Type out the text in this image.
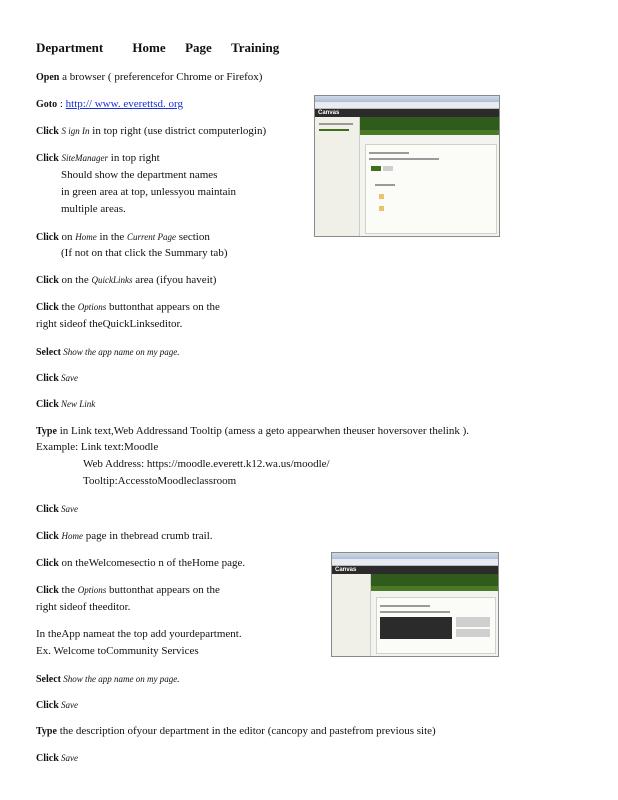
Department         Home      Page      Training
Open a browser ( preferencefor Chrome or Firefox)
Goto : http:// www. everettsd. org
Click S ign In in top right (use district computerlogin)
Click SiteManager in top right
Should show the department names
in green area at top, unlessyou maintain
multiple areas.
Click on Home in the Current Page section
(If not on that click the Summary tab)
Click on the QuickLinks area (ifyou haveit)
Click the Options buttonthat appears on the
right sideof theQuickLinkseditor.
Select Show the app name on my page.
Click Save
Click New Link
Type in Link text,Web Addressand Tooltip (amess a geto appearwhen theuser hoversover thelink ).
Example: Link text:Moodle
Web Address: https://moodle.everett.k12.wa.us/moodle/
Tooltip:AccesstoMoodleclassroom
Click Save
Click Home page in thebread crumb trail.
Click on theWelcomesectio n of theHome page.
Click the Options buttonthat appears on the
right sideof theeditor.
In theApp nameat the top add yourdepartment.
Ex. Welcome toCommunity Services
Select Show the app name on my page.
Click Save
Type the description ofyour department in the editor (cancopy and pastefrom previous site)
Click Save
Canvas
Canvas
